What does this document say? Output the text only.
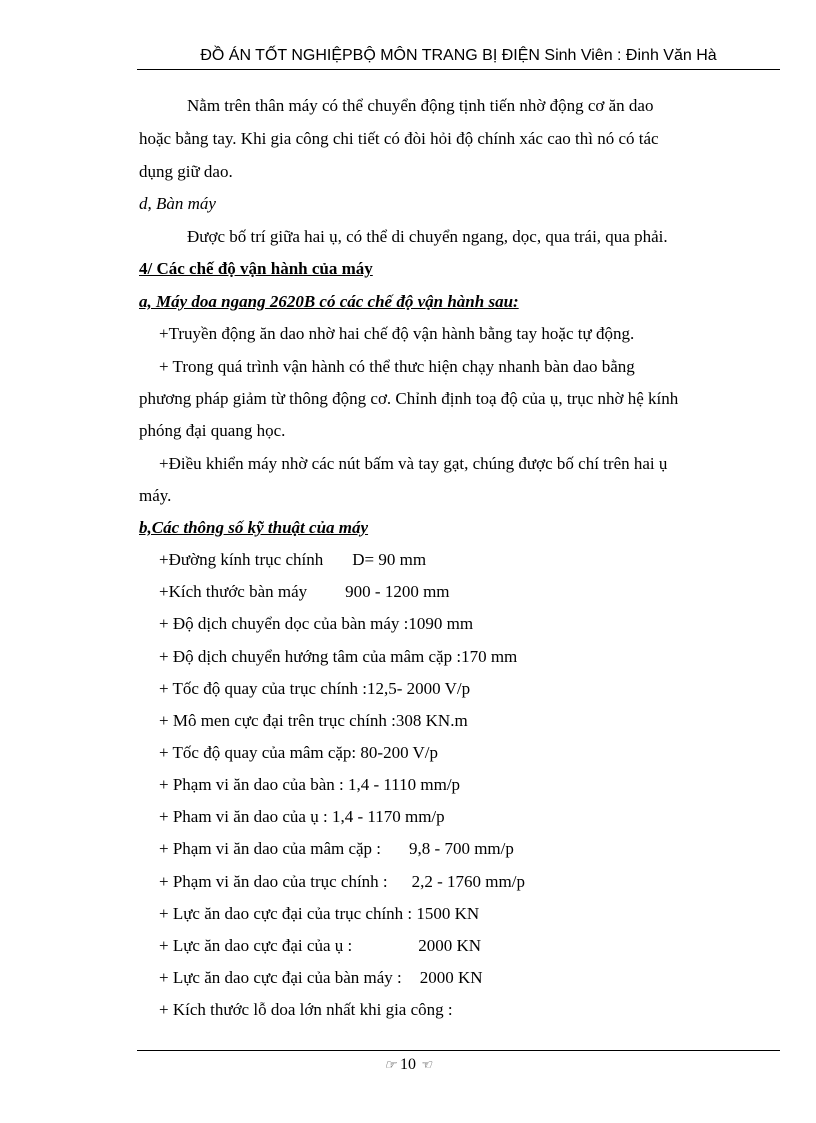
ĐỒ ÁN TỐT NGHIỆPBỘ MÔN TRANG BỊ ĐIỆN Sinh Viên : Đinh Văn Hà
Nằm trên thân máy có thể chuyển động tịnh tiến nhờ động cơ ăn dao
hoặc bằng tay. Khi gia công chi tiết có đòi hỏi độ chính xác cao thì nó có tác
dụng giữ dao.
d, Bàn máy
Được bố trí giữa hai ụ, có thể di chuyển ngang, dọc, qua trái, qua phải.
4/ Các chế độ vận hành của máy
a, Máy doa ngang 2620B có các chế độ vận hành sau:
+Truyền động ăn dao nhờ hai chế độ vận hành bằng tay hoặc tự động.
+ Trong quá trình vận hành có thể thưc hiện chạy nhanh bàn dao bằng
phương pháp giảm từ thông động cơ. Chỉnh định toạ độ của ụ, trục nhờ hệ kính
phóng đại quang học.
+Điều khiển máy nhờ các nút bấm và tay gạt, chúng được bố chí trên hai ụ
máy.
b,Các thông số kỹ thuật của máy
+Đường kính trục chính D= 90 mm
+Kích thước bàn máy 900 - 1200 mm
+ Độ dịch chuyển dọc của bàn máy :1090 mm
+ Độ dịch chuyển hướng tâm của mâm cặp :170 mm
+ Tốc độ quay của trục chính :12,5- 2000 V/p
+ Mô men cực đại trên trục chính :308 KN.m
+ Tốc độ quay của mâm cặp: 80-200 V/p
+ Phạm vi ăn dao của bàn : 1,4 - 1110 mm/p
+ Pham vi ăn dao của ụ : 1,4 - 1170 mm/p
+ Phạm vi ăn dao của mâm cặp : 9,8 - 700 mm/p
+ Phạm vi ăn dao của trục chính : 2,2 - 1760 mm/p
+ Lực ăn dao cực đại của trục chính : 1500 KN
+ Lực ăn dao cực đại của ụ :	2000 KN
+ Lực ăn dao cực đại của bàn máy : 2000 KN
+ Kích thước lỗ doa lớn nhất khi gia công :
☞ 10 ☜
